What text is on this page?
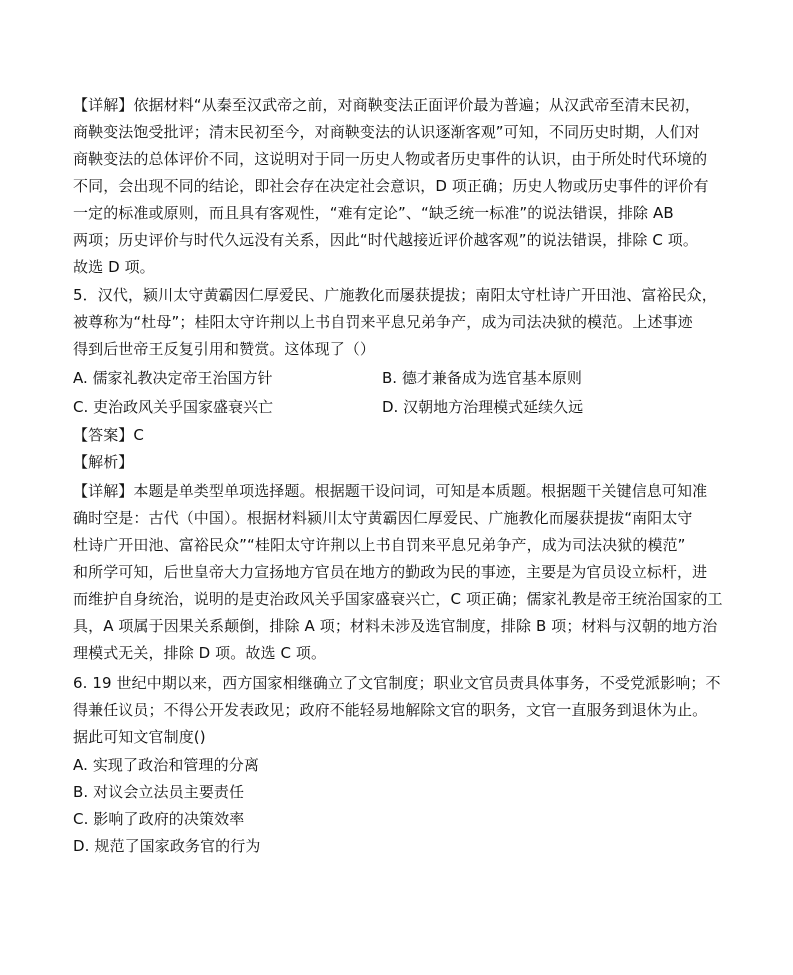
【详解】依据材料“从秦至汉武帝之前，对商鞅变法正面评价最为普遍；从汉武帝至清末民初，
商鞅变法饱受批评；清末民初至今，对商鞅变法的认识逐渐客观”可知，不同历史时期，人们对
商鞅变法的总体评价不同，这说明对于同一历史人物或者历史事件的认识，由于所处时代环境的
不同，会出现不同的结论，即社会存在决定社会意识，D 项正确；历史人物或历史事件的评价有
一定的标准或原则，而且具有客观性，“难有定论”、“缺乏统一标准”的说法错误，排除 AB
两项；历史评价与时代久远没有关系，因此“时代越接近评价越客观”的说法错误，排除 C 项。
故选 D 项。
5．汉代，颍川太守黄霸因仁厚爱民、广施教化而屡获提拔；南阳太守杜诗广开田池、富裕民众，
被尊称为“杜母”；桂阳太守许荆以上书自罚来平息兄弟争产，成为司法决狱的模范。上述事迹
得到后世帝王反复引用和赞赏。这体现了（）
A. 儒家礼教决定帝王治国方针	B. 德才兼备成为选官基本原则
C. 吏治政风关乎国家盛衰兴亡	D. 汉朝地方治理模式延续久远
【答案】C
【解析】
【详解】本题是单类型单项选择题。根据题干设问词，可知是本质题。根据题干关键信息可知准
确时空是：古代（中国）。根据材料颍川太守黄霸因仁厚爱民、广施教化而屡获提拔“南阳太守
杜诗广开田池、富裕民众”“桂阳太守许荆以上书自罚来平息兄弟争产，成为司法决狱的模范”
和所学可知，后世皇帝大力宣扬地方官员在地方的勤政为民的事迹，主要是为官员设立标杆，进
而维护自身统治，说明的是吏治政风关乎国家盛衰兴亡，C 项正确；儒家礼教是帝王统治国家的工
具，A 项属于因果关系颠倒，排除 A 项；材料未涉及选官制度，排除 B 项；材料与汉朝的地方治
理模式无关，排除 D 项。故选 C 项。
6. 19 世纪中期以来，西方国家相继确立了文官制度；职业文官员责具体事务，不受党派影响；不
得兼任议员；不得公开发表政见；政府不能轻易地解除文官的职务，文官一直服务到退休为止。
据此可知文官制度()
A. 实现了政治和管理的分离
B. 对议会立法员主要责任
C. 影响了政府的决策效率
D. 规范了国家政务官的行为
